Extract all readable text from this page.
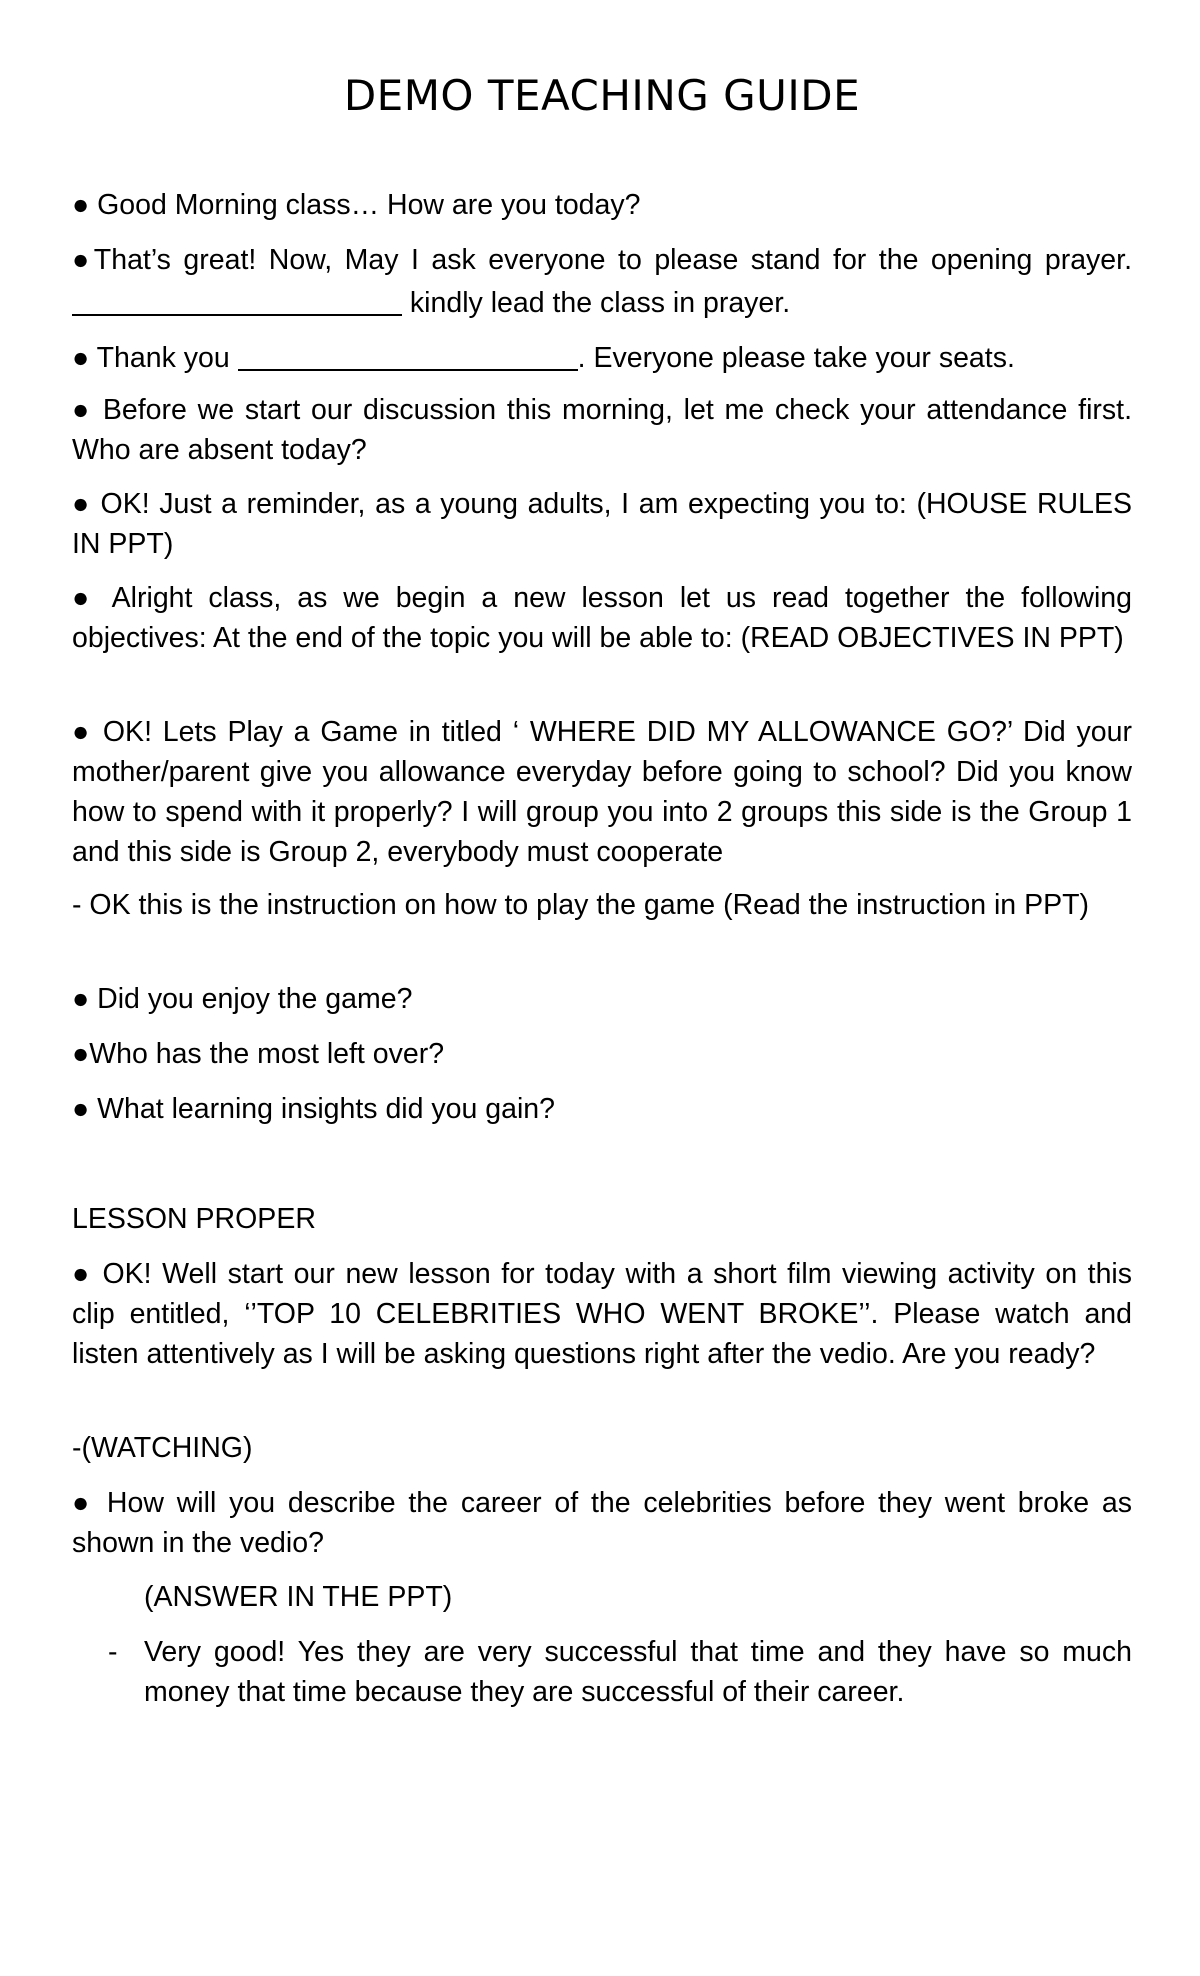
DEMO TEACHING GUIDE
● Good Morning class… How are you today?
●That’s great! Now, May I ask everyone to please stand for the opening prayer.  kindly lead the class in prayer.
● Thank you	. Everyone please take your seats.
● Before we start our discussion this morning, let me check your attendance first. Who are absent today?
● OK! Just a reminder, as a young adults, I am expecting you to: (HOUSE RULES IN PPT)
● Alright class, as we begin a new lesson let us read together the following objectives: At the end of the topic you will be able to: (READ OBJECTIVES IN PPT)
● OK! Lets Play a Game in titled ‘ WHERE DID MY ALLOWANCE GO?’ Did your mother/parent give you allowance everyday before going to school? Did you know how to spend with it properly? I will group you into 2 groups this side is the Group 1 and this side is Group 2, everybody must cooperate
- OK this is the instruction on how to play the game (Read the instruction in PPT)
● Did you enjoy the game?
●Who has the most left over?
● What learning insights did you gain?
LESSON PROPER
● OK! Well start our new lesson for today with a short film viewing activity on this clip entitled, ‘’TOP 10 CELEBRITIES WHO WENT BROKE’’. Please watch and listen attentively as I will be asking questions right after the vedio. Are you ready?
-(WATCHING)
● How will you describe the career of the celebrities before they went broke as shown in the vedio?
(ANSWER IN THE PPT)
- Very good! Yes they are very successful that time and they have so much money that time because they are successful of their career.
